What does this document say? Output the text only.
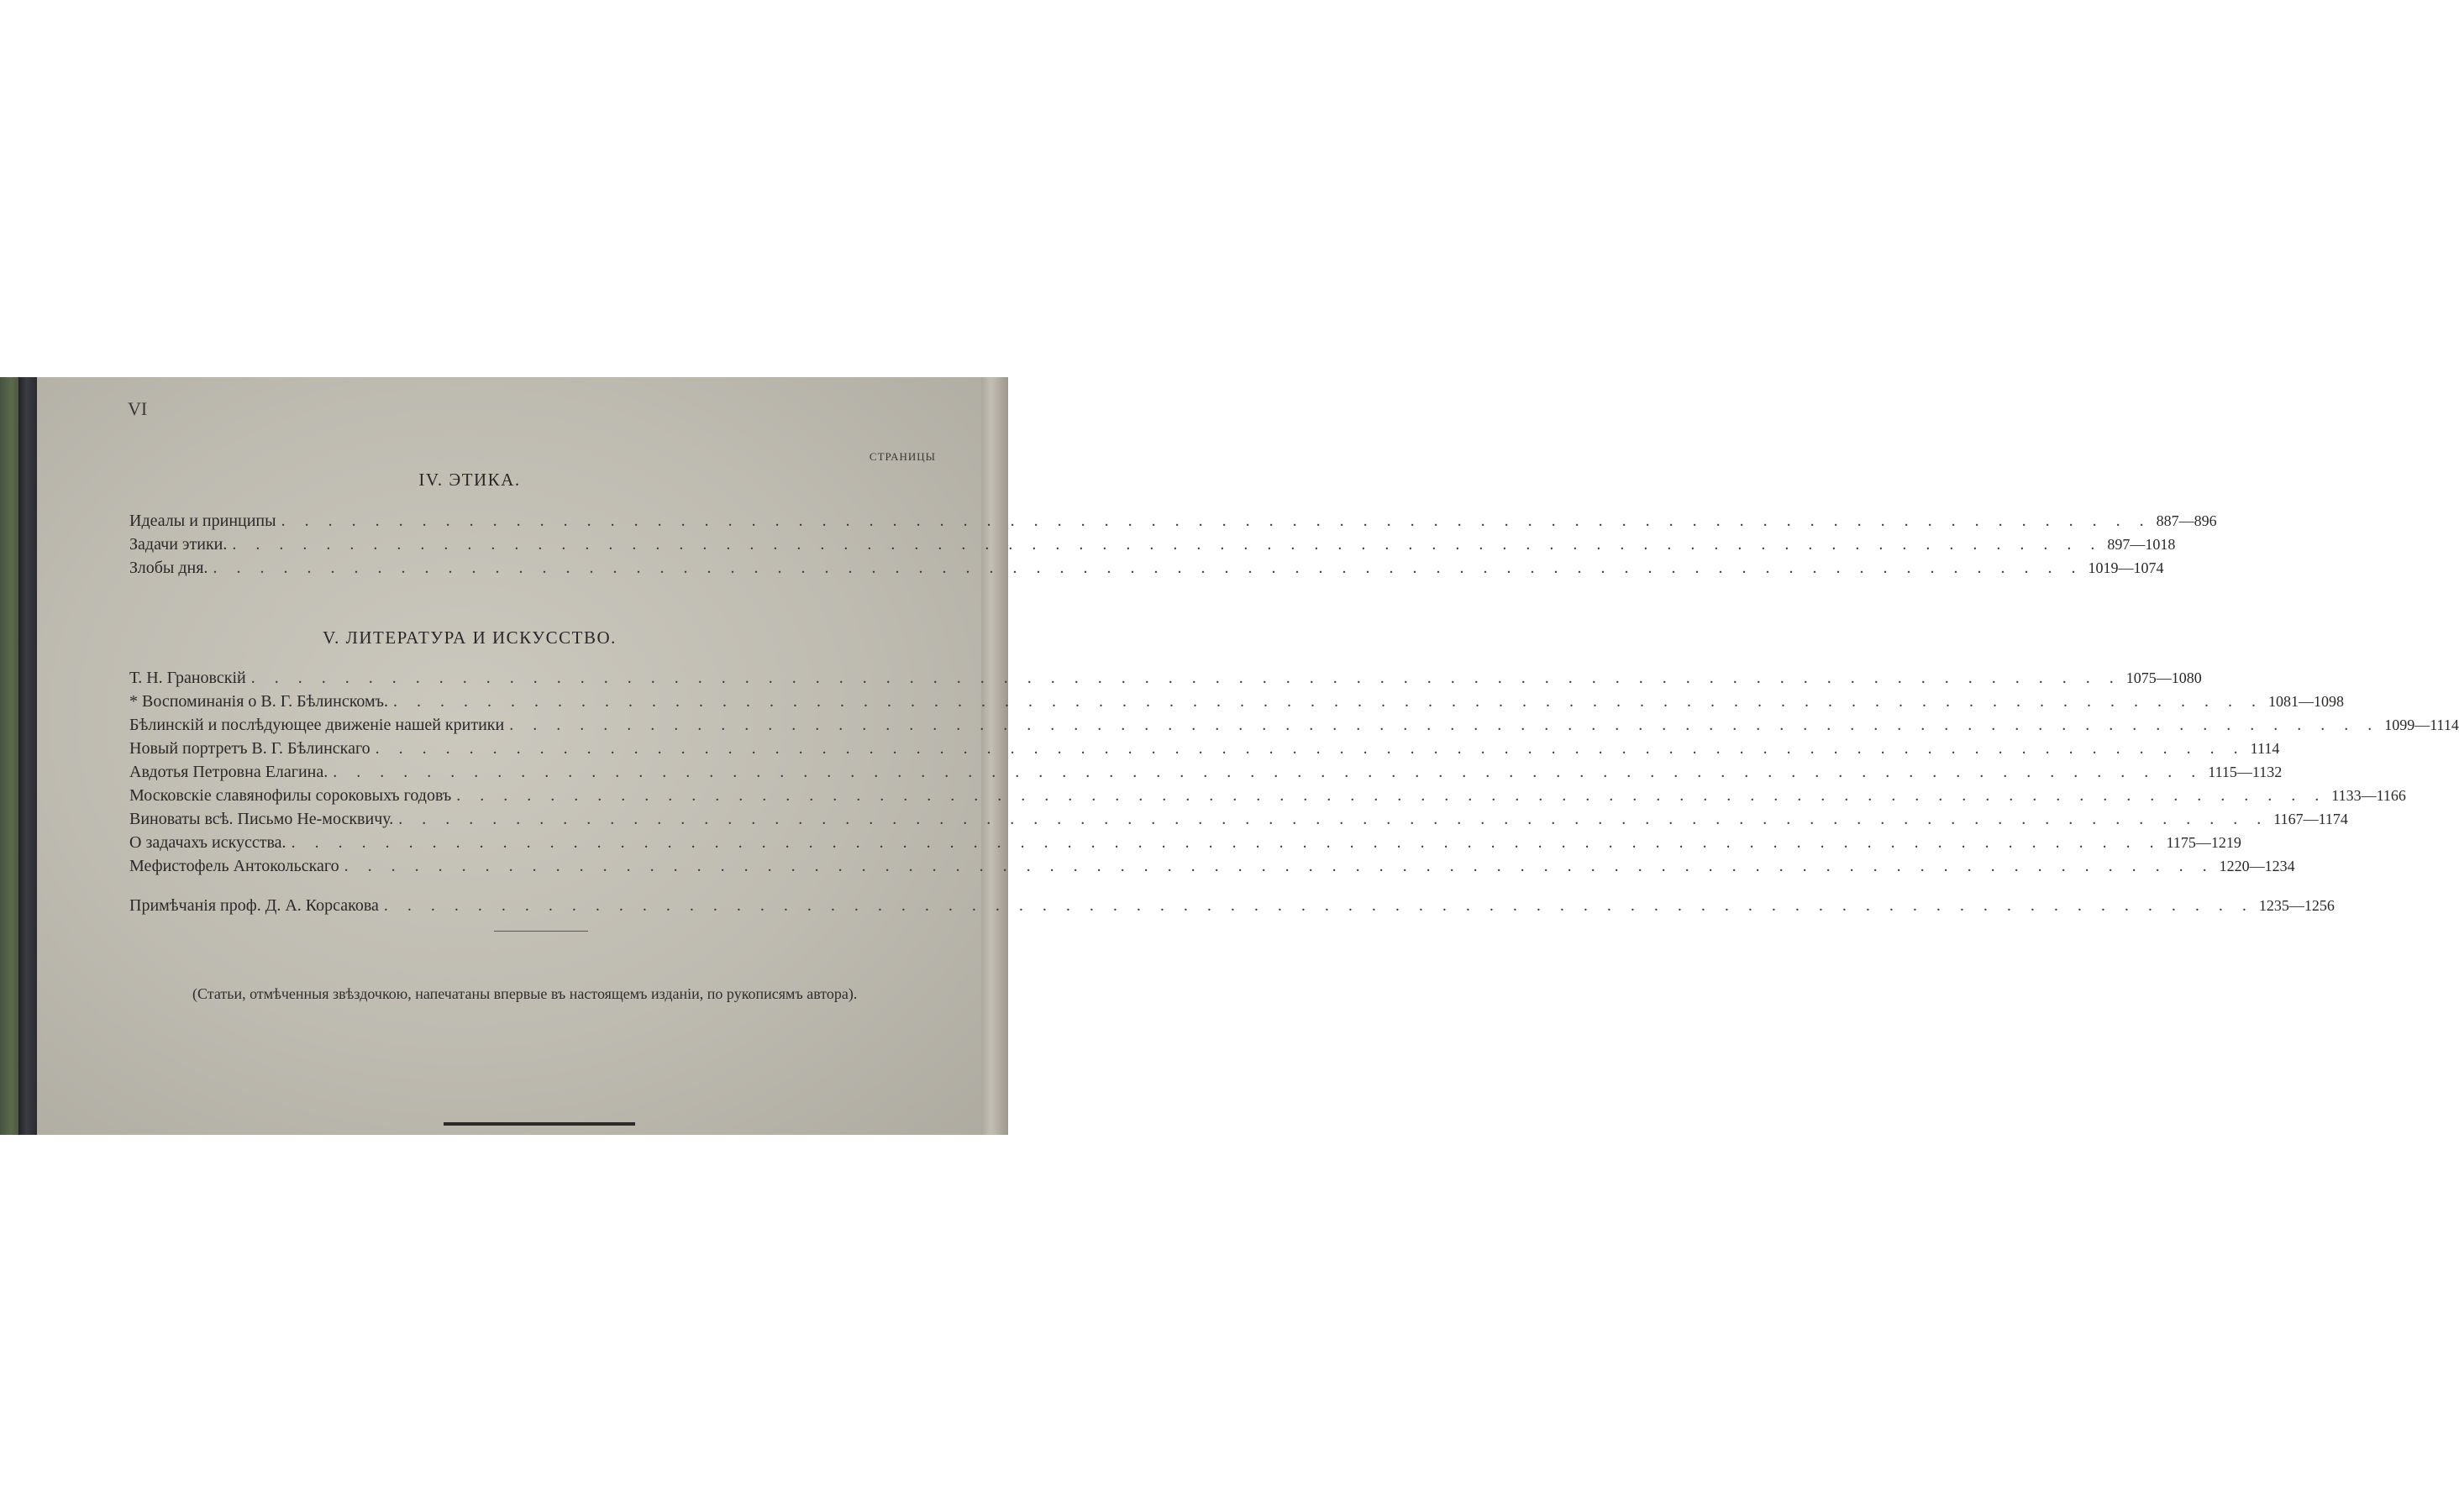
VI
СТРАНИЦЫ
IV. ЭТИКА.
Идеалы и принципы . . . . . . . . . . . . . . . . . . . . . . . . . . . . . . . . . . . . . . . . . . . . . . . . . . . . . . . . . . . . . . . . . . . . . . . . . . . . . . . . 887—896
Задачи этики. . . . . . . . . . . . . . . . . . . . . . . . . . . . . . . . . . . . . . . . . . . . . . . . . . . . . . . . . . . . . . . . . . . . . . . . . . . . . . . . . 897—1018
Злобы дня. . . . . . . . . . . . . . . . . . . . . . . . . . . . . . . . . . . . . . . . . . . . . . . . . . . . . . . . . . . . . . . . . . . . . . . . . . . . . . . . . 1019—1074
V. ЛИТЕРАТУРА И ИСКУССТВО.
Т. Н. Грановскій . . . . . . . . . . . . . . . . . . . . . . . . . . . . . . . . . . . . . . . . . . . . . . . . . . . . . . . . . . . . . . . . . . . . . . . . . . . . . . . . 1075—1080
* Воспоминанія о В. Г. Бѣлинскомъ. . . . . . . . . . . . . . . . . . . . . . . . . . . . . . . . . . . . . . . . . . . . . . . . . . . . . . . . . . . . . . . . . . . . . . . . . . . . . . . . . 1081—1098
Бѣлинскій и послѣдующее движеніе нашей критики . . . . . . . . . . . . . . . . . . . . . . . . . . . . . . . . . . . . . . . . . . . . . . . . . . . . . . . . . . . . . . . . . . . . . . . . . . . . . . . . 1099—1114
Новый портретъ В. Г. Бѣлинскаго . . . . . . . . . . . . . . . . . . . . . . . . . . . . . . . . . . . . . . . . . . . . . . . . . . . . . . . . . . . . . . . . . . . . . . . . . . . . . . . . 1114
Авдотья Петровна Елагина. . . . . . . . . . . . . . . . . . . . . . . . . . . . . . . . . . . . . . . . . . . . . . . . . . . . . . . . . . . . . . . . . . . . . . . . . . . . . . . . . 1115—1132
Московскіе славянофилы сороковыхъ годовъ . . . . . . . . . . . . . . . . . . . . . . . . . . . . . . . . . . . . . . . . . . . . . . . . . . . . . . . . . . . . . . . . . . . . . . . . . . . . . . . . 1133—1166
Виноваты всѣ. Письмо Не-москвичу. . . . . . . . . . . . . . . . . . . . . . . . . . . . . . . . . . . . . . . . . . . . . . . . . . . . . . . . . . . . . . . . . . . . . . . . . . . . . . . . . 1167—1174
О задачахъ искусства. . . . . . . . . . . . . . . . . . . . . . . . . . . . . . . . . . . . . . . . . . . . . . . . . . . . . . . . . . . . . . . . . . . . . . . . . . . . . . . . . 1175—1219
Мефистофель Антокольскаго . . . . . . . . . . . . . . . . . . . . . . . . . . . . . . . . . . . . . . . . . . . . . . . . . . . . . . . . . . . . . . . . . . . . . . . . . . . . . . . . 1220—1234
Примѣчанія проф. Д. А. Корсакова . . . . . . . . . . . . . . . . . . . . . . . . . . . . . . . . . . . . . . . . . . . . . . . . . . . . . . . . . . . . . . . . . . . . . . . . . . . . . . . . 1235—1256
(Статьи, отмѣченныя звѣздочкою, напечатаны впервые въ настоящемъ изданіи, по рукописямъ автора).
